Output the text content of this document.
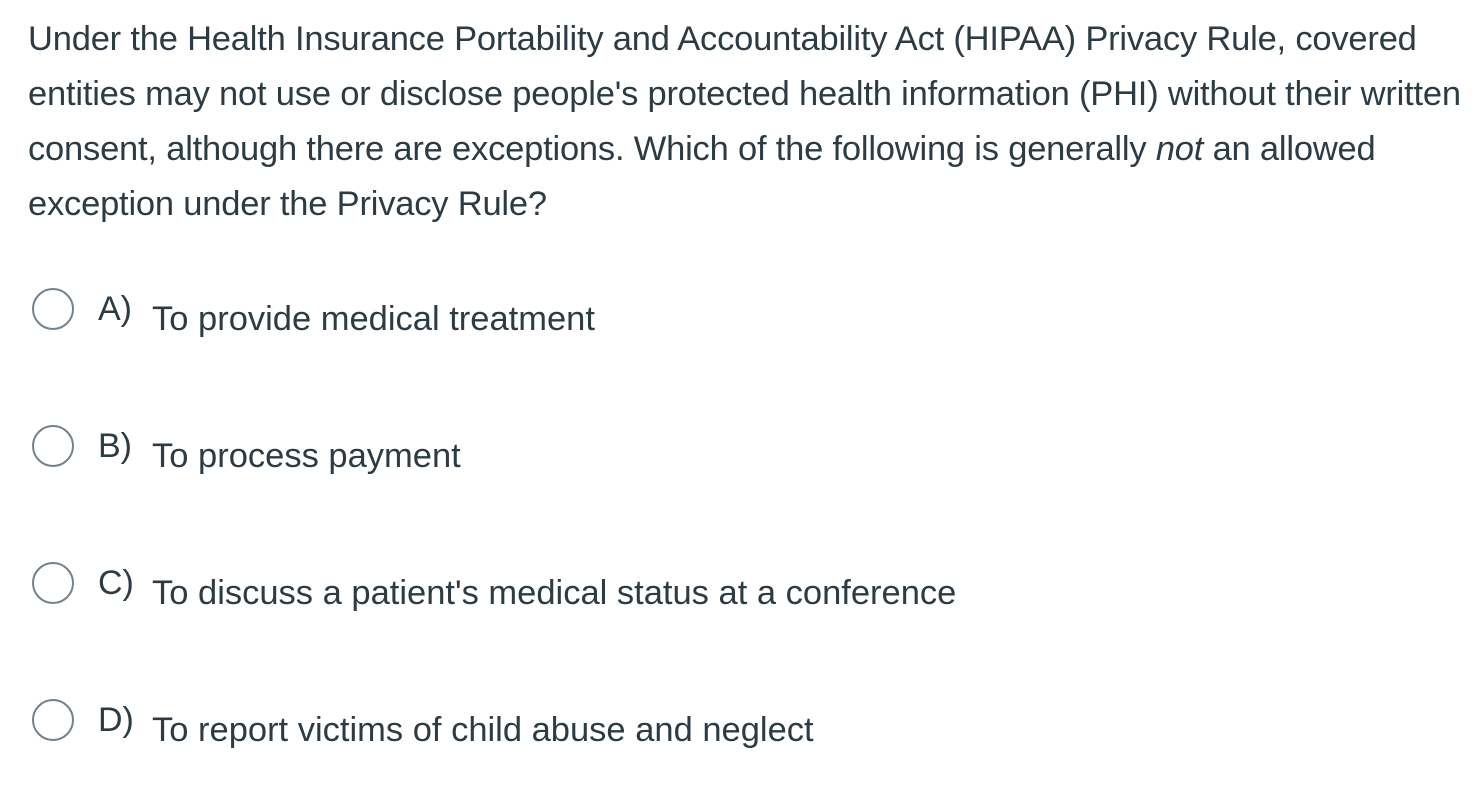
Under the Health Insurance Portability and Accountability Act (HIPAA) Privacy Rule, covered entities may not use or disclose people's protected health information (PHI) without their written consent, although there are exceptions. Which of the following is generally not an allowed exception under the Privacy Rule?

A) To provide medical treatment
B) To process payment
C) To discuss a patient's medical status at a conference
D) To report victims of child abuse and neglect
